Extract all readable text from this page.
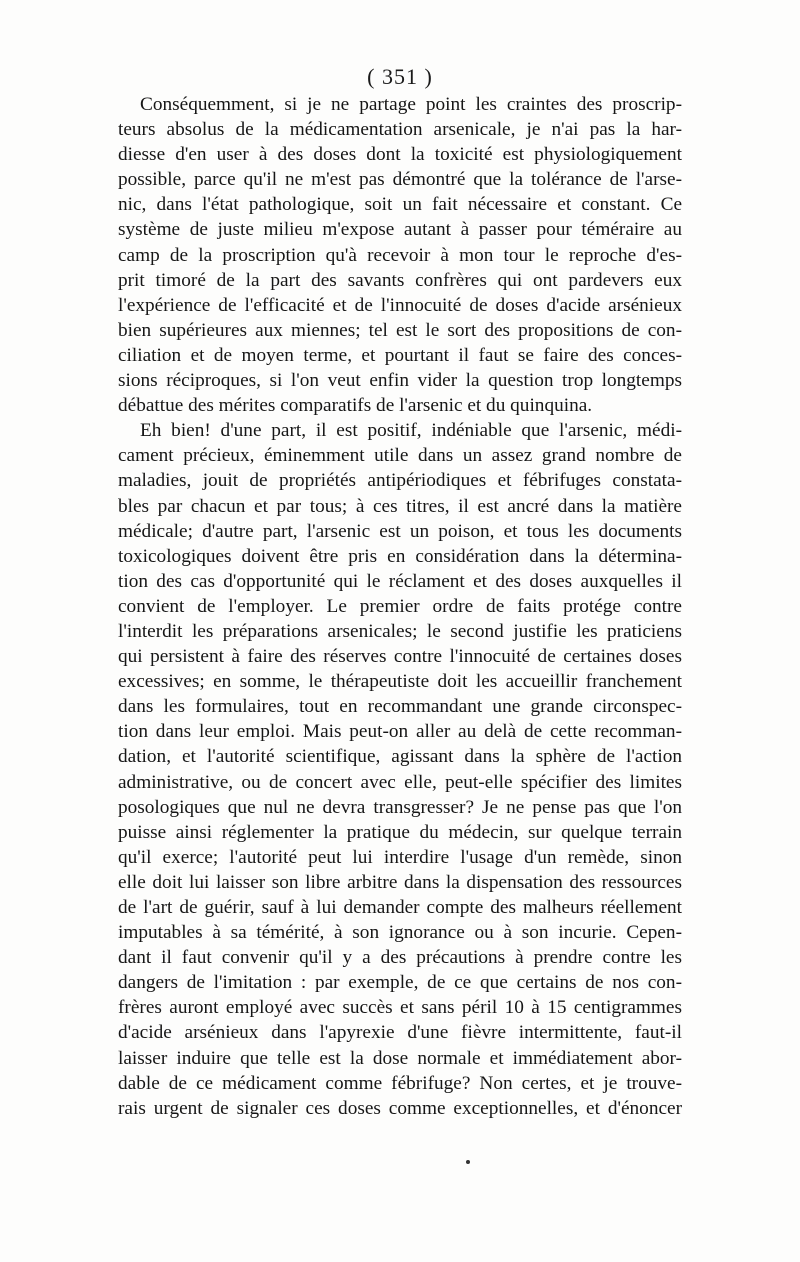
( 351 )
Conséquemment, si je ne partage point les craintes des proscrip-
teurs absolus de la médicamentation arsenicale, je n'ai pas la har-
diesse d'en user à des doses dont la toxicité est physiologiquement
possible, parce qu'il ne m'est pas démontré que la tolérance de l'arse-
nic, dans l'état pathologique, soit un fait nécessaire et constant. Ce
système de juste milieu m'expose autant à passer pour téméraire au
camp de la proscription qu'à recevoir à mon tour le reproche d'es-
prit timoré de la part des savants confrères qui ont pardevers eux
l'expérience de l'efficacité et de l'innocuité de doses d'acide arsénieux
bien supérieures aux miennes; tel est le sort des propositions de con-
ciliation et de moyen terme, et pourtant il faut se faire des conces-
sions réciproques, si l'on veut enfin vider la question trop longtemps
débattue des mérites comparatifs de l'arsenic et du quinquina.
Eh bien! d'une part, il est positif, indéniable que l'arsenic, médi-
cament précieux, éminemment utile dans un assez grand nombre de
maladies, jouit de propriétés antipériodiques et fébrifuges constata-
bles par chacun et par tous; à ces titres, il est ancré dans la matière
médicale; d'autre part, l'arsenic est un poison, et tous les documents
toxicologiques doivent être pris en considération dans la détermina-
tion des cas d'opportunité qui le réclament et des doses auxquelles il
convient de l'employer. Le premier ordre de faits protége contre
l'interdit les préparations arsenicales; le second justifie les praticiens
qui persistent à faire des réserves contre l'innocuité de certaines doses
excessives; en somme, le thérapeutiste doit les accueillir franchement
dans les formulaires, tout en recommandant une grande circonspec-
tion dans leur emploi. Mais peut-on aller au delà de cette recomman-
dation, et l'autorité scientifique, agissant dans la sphère de l'action
administrative, ou de concert avec elle, peut-elle spécifier des limites
posologiques que nul ne devra transgresser? Je ne pense pas que l'on
puisse ainsi réglementer la pratique du médecin, sur quelque terrain
qu'il exerce; l'autorité peut lui interdire l'usage d'un remède, sinon
elle doit lui laisser son libre arbitre dans la dispensation des ressources
de l'art de guérir, sauf à lui demander compte des malheurs réellement
imputables à sa témérité, à son ignorance ou à son incurie. Cepen-
dant il faut convenir qu'il y a des précautions à prendre contre les
dangers de l'imitation : par exemple, de ce que certains de nos con-
frères auront employé avec succès et sans péril 10 à 15 centigrammes
d'acide arsénieux dans l'apyrexie d'une fièvre intermittente, faut-il
laisser induire que telle est la dose normale et immédiatement abor-
dable de ce médicament comme fébrifuge? Non certes, et je trouve-
rais urgent de signaler ces doses comme exceptionnelles, et d'énoncer
